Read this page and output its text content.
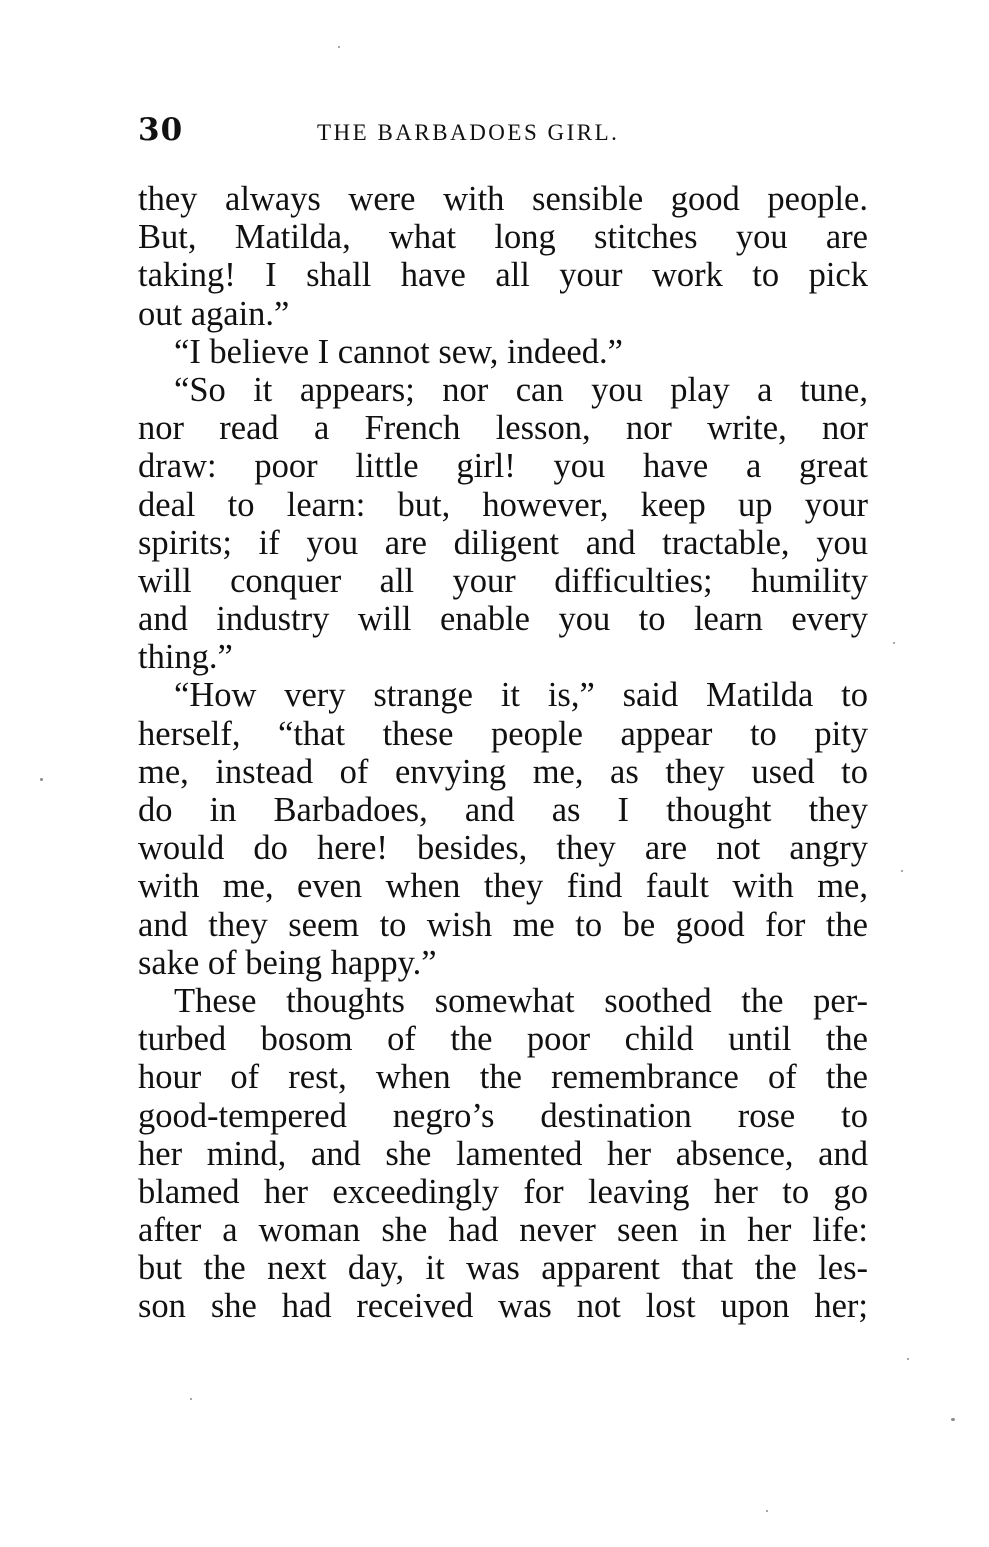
30	THE BARBADOES GIRL.
they always were with sensible good people.
But, Matilda, what long stitches you are
taking! I shall have all your work to pick
out again.”
“I believe I cannot sew, indeed.”
“So it appears; nor can you play a tune,
nor read a French lesson, nor write, nor
draw: poor little girl! you have a great
deal to learn: but, however, keep up your
spirits; if you are diligent and tractable, you
will conquer all your difficulties; humility
and industry will enable you to learn every
thing.”
“How very strange it is,” said Matilda to
herself, “that these people appear to pity
me, instead of envying me, as they used to
do in Barbadoes, and as I thought they
would do here! besides, they are not angry
with me, even when they find fault with me,
and they seem to wish me to be good for the
sake of being happy.”
These thoughts somewhat soothed the per-
turbed bosom of the poor child until the
hour of rest, when the remembrance of the
good-tempered negro’s destination rose to
her mind, and she lamented her absence, and
blamed her exceedingly for leaving her to go
after a woman she had never seen in her life:
but the next day, it was apparent that the les-
son she had received was not lost upon her;
